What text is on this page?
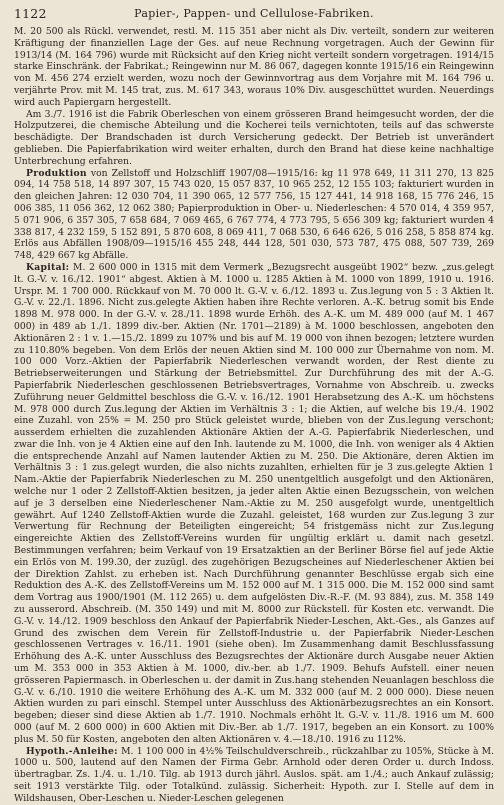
1122	Papier-, Pappen- und Cellulose-Fabriken.

M. 20 500 als Rückl. verwendet, restl. M. 115 351 aber nicht als Div. verteilt, sondern zur weiteren Kräftigung der finanziellen Lage der Ges. auf neue Rechnung vorgetragen. Auch der Gewinn für 1913/14 (M. 164 796) wurde mit Rücksicht auf den Krieg nicht verteilt sondern vorgetragen. 1914/15 starke Einschränk. der Fabrikat.; Reingewinn nur M. 86 067, dagegen konnte 1915/16 ein Reingewinn von M. 456 274 erzielt werden, wozu noch der Gewinnvortrag aus dem Vorjahre mit M. 164 796 u. verjährte Prov. mit M. 145 trat, zus. M. 617 343, woraus 10% Div. ausgeschüttet wurden. Neuerdings wird auch Papiergarn hergestellt.

Am 3./7. 1916 ist die Fabrik Oberleschen von einem grösseren Brand heimgesucht worden, der die Holzputzerei, die chemische Abteilung und die Kocherei teils vernichtoten, teils auf das schwerste beschädigte. Der Brandschaden ist durch Versicherung gedeckt. Der Betrieb ist unverändert geblieben. Die Papierfabrikation wird weiter erhalten, durch den Brand hat diese keine nachhaltige Unterbrechung erfahren.

Produktion von Zellstoff und Holzschliff 1907/08—1915/16: kg 11 978 649, 11 311 270, 13 825 094, 14 758 518, 14 897 307, 15 743 020, 15 057 837, 10 965 252, 12 155 103; fakturiert wurden in den gleichen Jahren: 12 030 704, 11 390 065, 12 577 756, 15 127 441, 14 918 168, 15 776 246, 15 006 385, 11 056 362, 12 062 380; Papierproduktion in Ober- u. Niederleschen: 4 570 014, 4 359 957, 5 071 906, 6 357 305, 7 658 684, 7 069 465, 6 767 774, 4 773 795, 5 656 309 kg; fakturiert wurden 4 338 817, 4 232 159, 5 152 891, 5 870 608, 8 069 411, 7 068 530, 6 646 626, 5 016 258, 5 858 874 kg. Erlös aus Abfällen 1908/09—1915/16 455 248, 444 128, 501 030, 573 787, 475 088, 507 739, 269 748, 429 667 kg Abfälle.

Kapital: M. 2 600 000 in 1315 mit dem Vermerk „Bezugsrecht ausgeübt 1902“ bezw. „zus.gelegt lt. G.-V. v. 16./12. 1901“ abgest. Aktien à M. 1000 u. 1285 Aktien à M. 1000 von 1899, 1910 u. 1916. Urspr. M. 1 700 000. Rückkauf von M. 70 000 lt. G.-V. v. 6./12. 1893 u. Zus.legung von 5 : 3 Aktien lt. G.-V. v. 22./1. 1896. Nicht zus.gelegte Aktien haben ihre Rechte verloren. A.-K. betrug somit bis Ende 1898 M. 978 000. In der G.-V. v. 28./11. 1898 wurde Erhöh. des A.-K. um M. 489 000 (auf M. 1 467 000) in 489 ab 1./1. 1899 div.-ber. Aktien (Nr. 1701—2189) à M. 1000 beschlossen, angeboten den Aktionären 2 : 1 v. 1.—15./2. 1899 zu 107% und bis auf M. 19 000 von ihnen bezogen; letztere wurden zu 110.80% begeben. Von dem Erlös der neuen Aktien sind M. 100 000 zur Übernahme von nom. M. 100 000 Vorz.-Aktien der Papierfabrik Niederleschen verwandt worden, der Rest diente zu Betriebserweiterungen und Stärkung der Betriebsmittel. Zur Durchführung des mit der A.-G. Papierfabrik Niederleschen geschlossenen Betriebsvertrages, Vornahme von Abschreib. u. zwecks Zuführung neuer Geldmittel beschloss die G.-V. v. 16./12. 1901 Herabsetzung des A.-K. um höchstens M. 978 000 durch Zus.legung der Aktien im Verhältnis 3 : 1; die Aktien, auf welche bis 19./4. 1902 eine Zuzahl. von 25% = M. 250 pro Stück geleistet wurde, blieben von der Zus.legung verschont; ausserdem erhielten die zuzahlenden Aktionäre Aktien der A.-G. Papierfabrik Niederleschen, und zwar die Inh. von je 4 Aktien eine auf den Inh. lautende zu M. 1000, die Inh. von weniger als 4 Aktien die entsprechende Anzahl auf Namen lautender Aktien zu M. 250. Die Aktionäre, deren Aktien im Verhältnis 3 : 1 zus.gelegt wurden, die also nichts zuzahlten, erhielten für je 3 zus.gelegte Aktien 1 Nam.-Aktie der Papierfabrik Niederleschen zu M. 250 unentgeltlich ausgefolgt und den Aktionären, welche nur 1 oder 2 Zellstoff-Aktien besitzen, ja jeder alten Aktie einen Bezugsschein, von welchen auf je 3 derselben eine Niederleschener Nam.-Aktie zu M. 250 ausgefolgt wurde, unentgeltlich gewährt. Auf 1240 Zellstoff-Aktien wurde die Zuzahl. geleistet, 168 wurden zur Zus.legung 3 zur Verwertung für Rechnung der Beteiligten eingereicht; 54 fristgemäss nicht zur Zus.legung eingereichte Aktien des Zellstoff-Vereins wurden für ungültig erklärt u. damit nach gesetzl. Bestimmungen verfahren; beim Verkauf von 19 Ersatzaktien an der Berliner Börse fiel auf jede Aktie ein Erlös von M. 199.30, der zuzügl. des zugehörigen Bezugscheines auf Niederleschener Aktien bei der Direktion Zahlst. zu erheben ist. Nach Durchführung genannter Beschlüsse ergab sich eine Reduktion des A.-K. des Zellstoff-Vereins um M. 152 000 auf M. 1 315 000. Die M. 152 000 sind samt dem Vortrag aus 1900/1901 (M. 112 265) u. dem aufgelösten Div.-R.-F. (M. 93 884), zus. M. 358 149 zu ausserord. Abschreib. (M. 350 149) und mit M. 8000 zur Rückstell. für Kosten etc. verwandt. Die G.-V. v. 14./12. 1909 beschloss den Ankauf der Papierfabrik Nieder-Leschen, Akt.-Ges., als Ganzes auf Grund des zwischen dem Verein für Zellstoff-Industrie u. der Papierfabrik Nieder-Leschen geschlossenen Vertrages v. 16./11. 1901 (siehe oben). Im Zusammenhang damit Beschlussfassung Erhöhung des A.-K. unter Ausschluss des Bezugsrechtes der Aktionäre durch Ausgabe neuer Aktien um M. 353 000 in 353 Aktien à M. 1000, div.-ber. ab 1./7. 1909. Behufs Aufstell. einer neuen grösseren Papiermasch. in Oberleschen u. der damit in Zus.hang stehenden Neuanlagen beschloss die G.-V. v. 6./10. 1910 die weitere Erhöhung des A.-K. um M. 332 000 (auf M. 2 000 000). Diese neuen Aktien wurden zu pari einschl. Stempel unter Ausschluss des Aktionärbezugsrechtes an ein Konsort. begeben; dieser sind diese Aktien ab 1./7. 1910. Nochmals erhöht lt. G.-V. v. 11./8. 1916 um M. 600 000 (auf M. 2 600 000) in 600 Aktien mit Div.-Ber. ab 1./7. 1917, begeben an ein Konsort. zu 100% plus M. 50 für Kosten, angeboten den alten Aktionären v. 4.—18./10. 1916 zu 112%.

Hypoth.-Anleihe: M. 1 100 000 in 4½% Teilschuldverschreib., rückzahlbar zu 105%, Stücke à M. 1000 u. 500, lautend auf den Namen der Firma Gebr. Arnhold oder deren Order u. durch Indoss. übertragbar. Zs. 1./4. u. 1./10. Tilg. ab 1913 durch jährl. Auslos. spät. am 1./4.; auch Ankauf zulässig; seit 1913 verstärkte Tilg. oder Totalkünd. zulässig. Sicherheit: Hypoth. zur I. Stelle auf dem in Wildshausen, Ober-Leschen u. Nieder-Leschen gelegenen
